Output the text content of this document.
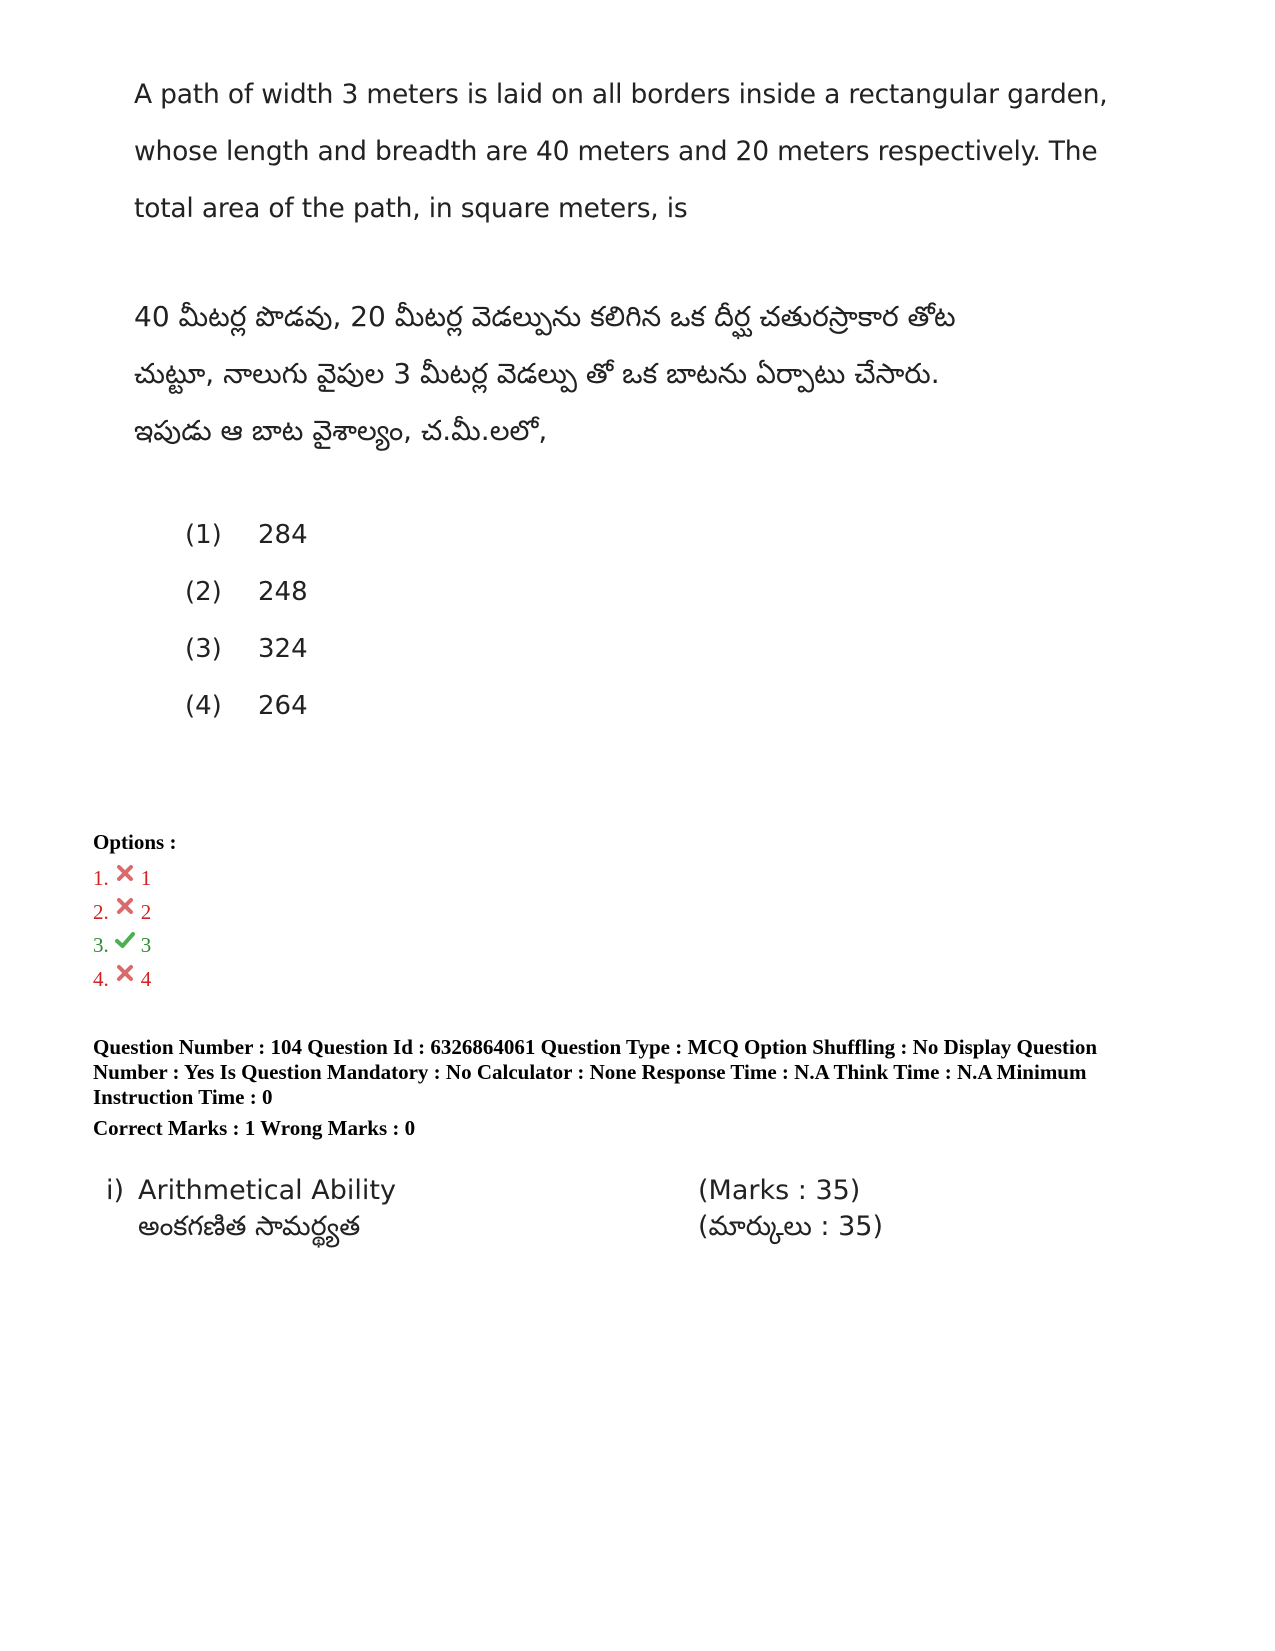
A path of width 3 meters is laid on all borders inside a rectangular garden,

whose length and breadth are 40 meters and 20 meters respectively. The

total area of the path, in square meters, is

40 మీటర్ల పొడవు, 20 మీటర్ల వెడల్పును కలిగిన ఒక దీర్ఘ చతురస్రాకార తోట

చుట్టూ, నాలుగు వైపుల 3 మీటర్ల వెడల్పు తో ఒక బాటను ఏర్పాటు చేసారు.

ఇపుడు ఆ బాట వైశాల్యం, చ.మీ.లలో,

(1)	284
(2)	248
(3)	324
(4)	264
Options :
1. 1
2. 2
3. 3
4. 4

Question Number : 104 Question Id : 6326864061 Question Type : MCQ Option Shuffling : No Display Question

Number : Yes Is Question Mandatory : No Calculator : None Response Time : N.A Think Time : N.A Minimum

Instruction Time : 0

Correct Marks : 1 Wrong Marks : 0

i) Arithmetical Ability	(Marks : 35)
అంకగణిత సామర్థ్యత	(మార్కులు : 35)
